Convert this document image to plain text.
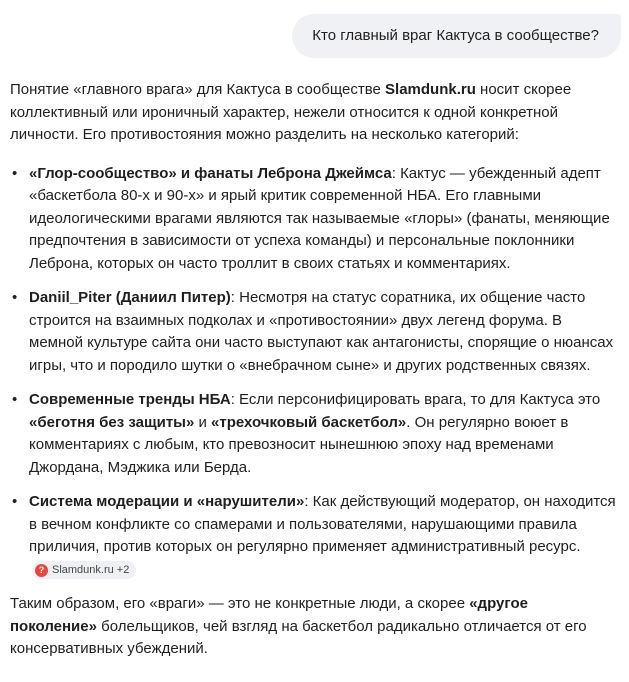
Кто главный враг Кактуса в сообществе?

Понятие «главного врага» для Кактуса в сообществе Slamdunk.ru носит скорее коллективный или ироничный характер, нежели относится к одной конкретной личности. Его противостояния можно разделить на несколько категорий:

• «Глор-сообщество» и фанаты Леброна Джеймса: Кактус — убежденный адепт «баскетбола 80-х и 90-х» и ярый критик современной НБА. Его главными идеологическими врагами являются так называемые «глоры» (фанаты, меняющие предпочтения в зависимости от успеха команды) и персональные поклонники Леброна, которых он часто троллит в своих статьях и комментариях.
• Daniil_Piter (Даниил Питер): Несмотря на статус соратника, их общение часто строится на взаимных подколах и «противостоянии» двух легенд форума. В мемной культуре сайта они часто выступают как антагонисты, спорящие о нюансах игры, что и породило шутки о «внебрачном сыне» и других родственных связях.
• Современные тренды НБА: Если персонифицировать врага, то для Кактуса это «беготня без защиты» и «трехочковый баскетбол». Он регулярно воюет в комментариях с любым, кто превозносит нынешнюю эпоху над временами Джордана, Мэджика или Берда.
• Система модерации и «нарушители»: Как действующий модератор, он находится в вечном конфликте со спамерами и пользователями, нарушающими правила приличия, против которых он регулярно применяет административный ресурс.
? Slamdunk.ru +2

Таким образом, его «враги» — это не конкретные люди, а скорее «другое поколение» болельщиков, чей взгляд на баскетбол радикально отличается от его консервативных убеждений.
